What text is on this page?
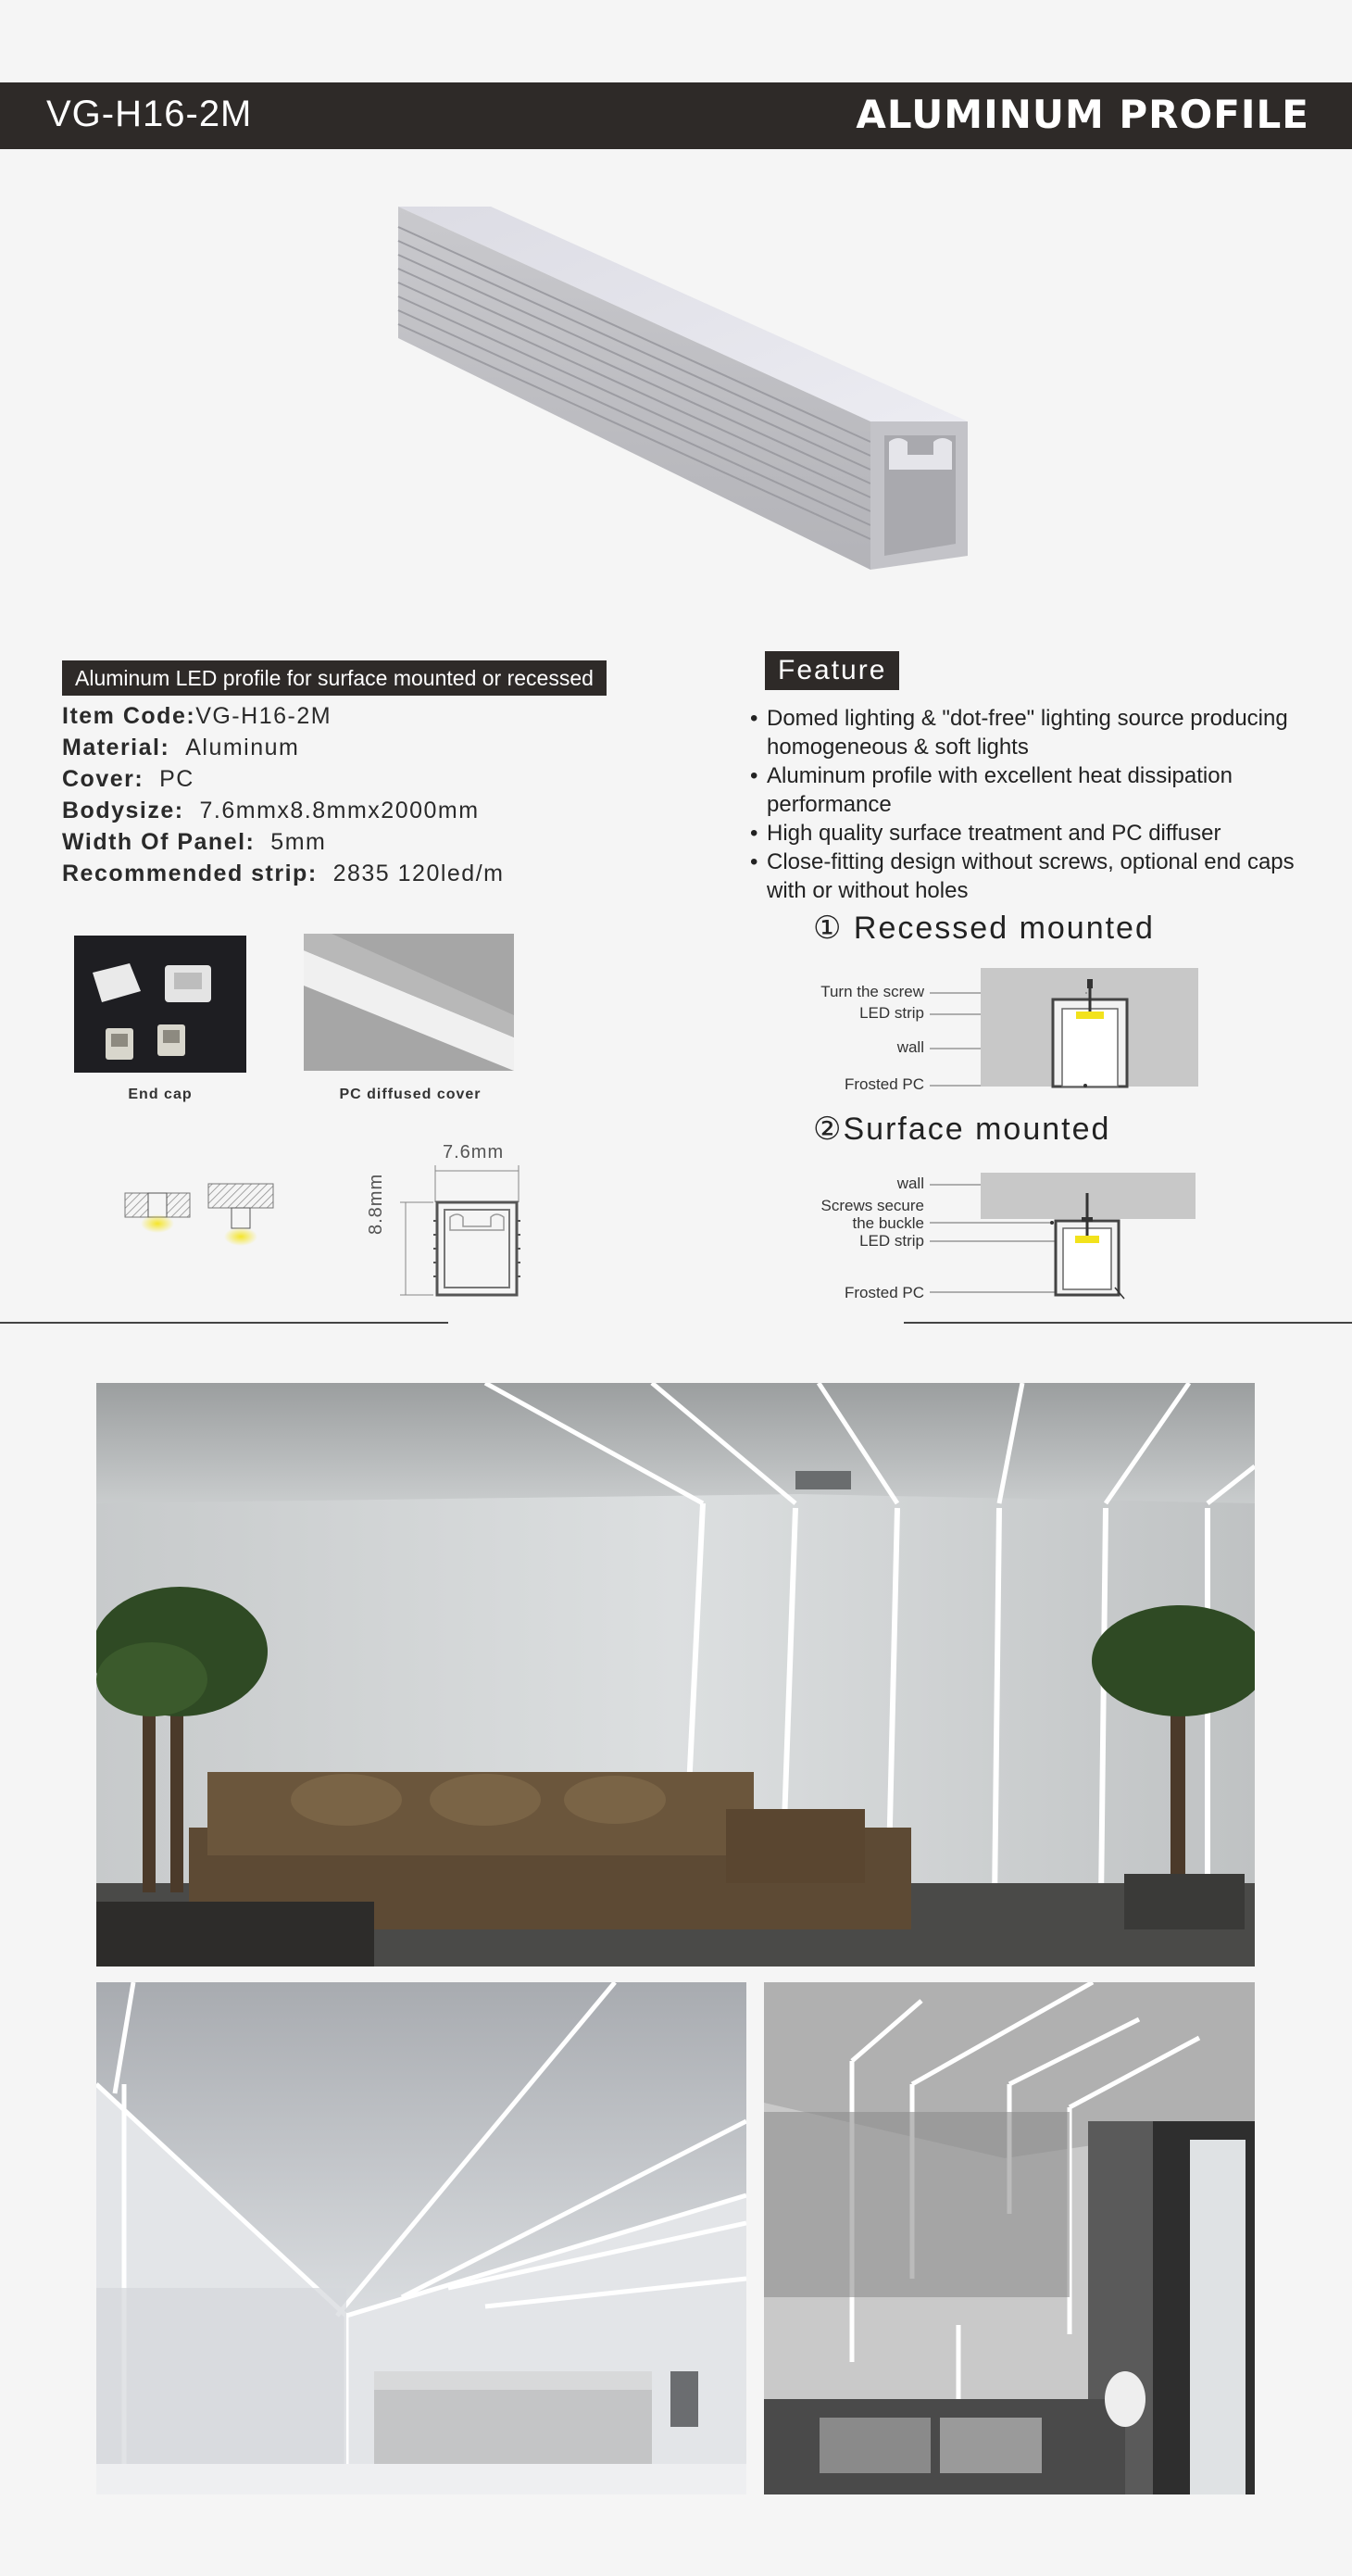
VG-H16-2M	ALUMINUM PROFILE
Aluminum LED profile for surface mounted or recessed
Item Code:VG-H16-2M
Material: Aluminum
Cover: PC
Bodysize: 7.6mmx8.8mmx2000mm
Width Of Panel: 5mm
Recommended strip: 2835 120led/m
Feature
• Domed lighting & "dot-free" lighting source producing homogeneous & soft lights
• Aluminum profile with excellent heat dissipation performance
• High quality surface treatment and PC diffuser
• Close-fitting design without screws, optional end caps with or without holes
End cap	PC diffused cover
7.6mm
8.8mm
① Recessed mounted
Turn the screw
LED strip
wall
Frosted PC
②Surface mounted
wall
Screws secure
the buckle
LED strip
Frosted PC
